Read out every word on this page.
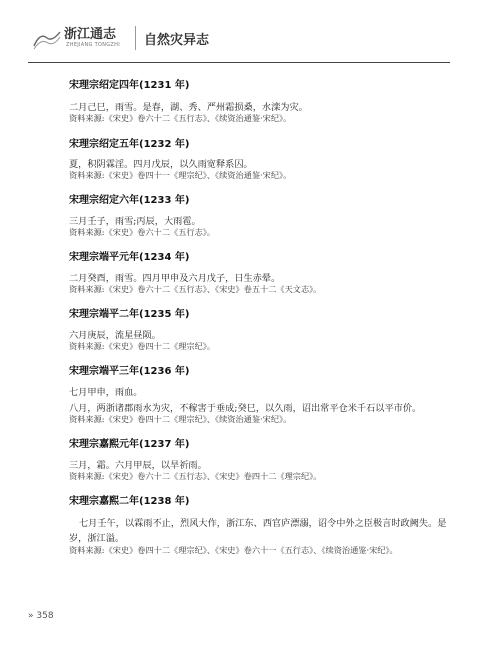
浙江通志
ZHEJIANG TONGZHI 自然灾异志
宋理宗绍定四年(1231 年)
二月己巳，雨雪。是春，湖、秀、严州霜损桑，水滦为灾。
资料来源:《宋史》卷六十二《五行志》、《续资治通鉴·宋纪》。
宋理宗绍定五年(1232 年)
夏，积阴霖淫。四月戊辰，以久雨宽释系囚。
资料来源:《宋史》卷四十一《理宗纪》、《续资治通鉴·宋纪》。
宋理宗绍定六年(1233 年)
三月壬子，雨雪;丙辰，大雨雹。
资料来源:《宋史》卷六十二《五行志》。
宋理宗端平元年(1234 年)
二月癸酉，雨雪。四月甲申及六月戊子，日生赤晕。
资料来源:《宋史》卷六十二《五行志》、《宋史》卷五十二《天文志》。
宋理宗端平二年(1235 年)
六月庚辰，流星昼陨。
资料来源:《宋史》卷四十二《理宗纪》。
宋理宗端平三年(1236 年)
七月甲申，雨血。
八月，两浙诸郡雨水为灾，不稼害于垂成;癸巳，以久雨，诏出常平仓米千石以平市价。
资料来源:《宋史》卷四十二《理宗纪》、《续资治通鉴·宋纪》。
宋理宗嘉熙元年(1237 年)
三月，霜。六月甲辰，以旱祈雨。
资料来源:《宋史》卷六十二《五行志》、《宋史》卷四十二《理宗纪》。
宋理宗嘉熙二年(1238 年)
七月壬午，以霖雨不止，烈风大作，浙江东、西官庐漂溺，诏令中外之臣极言时政阙失。是
岁，浙江溢。
资料来源:《宋史》卷四十二《理宗纪》、《宋史》卷六十一《五行志》、《续资治通鉴·宋纪》。
» 358
